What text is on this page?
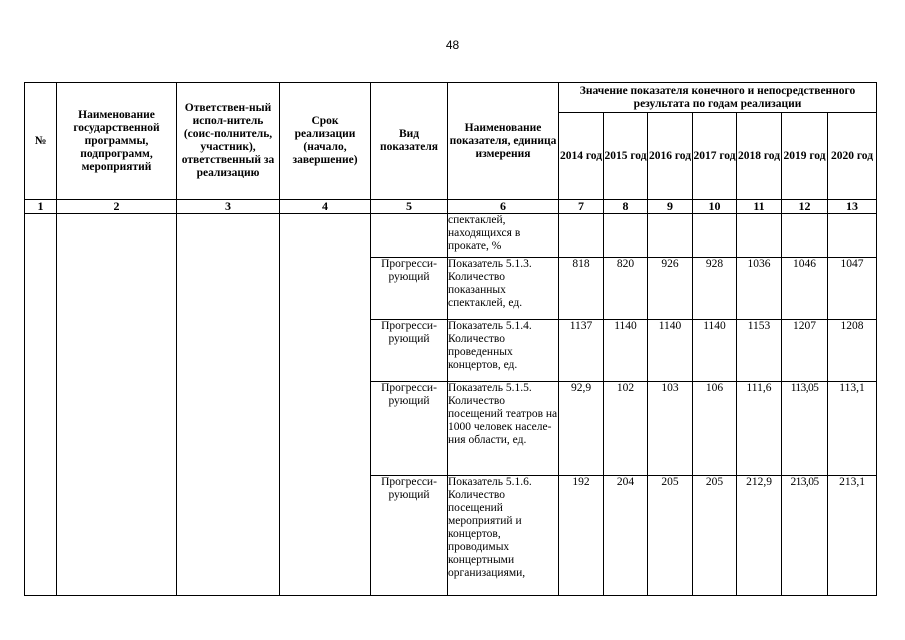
48
№	Наименование государственной программы, подпрограмм, мероприятий	Ответствен-ный испол-нитель (соис-полнитель, участник), ответственный за реализацию	Срок реализации (начало, завершение)	Вид показателя	Наименование показателя, единица измерения	Значение показателя конечного и непосредственного результата по годам реализации						
						2014 год	2015 год	2016 год	2017 год	2018 год	2019 год	2020 год
1	2	3	4	5	6	7	8	9	10	11	12	13
					спектаклей, находящихся в прокате, %							
				Прогресси-рующий	Показатель 5.1.3. Количество показанных спектаклей, ед.	818	820	926	928	1036	1046	1047
				Прогресси-рующий	Показатель 5.1.4. Количество проведенных концертов, ед.	1137	1140	1140	1140	1153	1207	1208
				Прогресси-рующий	Показатель 5.1.5. Количество посещений театров на 1000 человек населе-ния области, ед.	92,9	102	103	106	111,6	113,05	113,1
				Прогресси-рующий	Показатель 5.1.6. Количество посещений мероприятий и концертов, проводимых концертными организациями,	192	204	205	205	212,9	213,05	213,1
